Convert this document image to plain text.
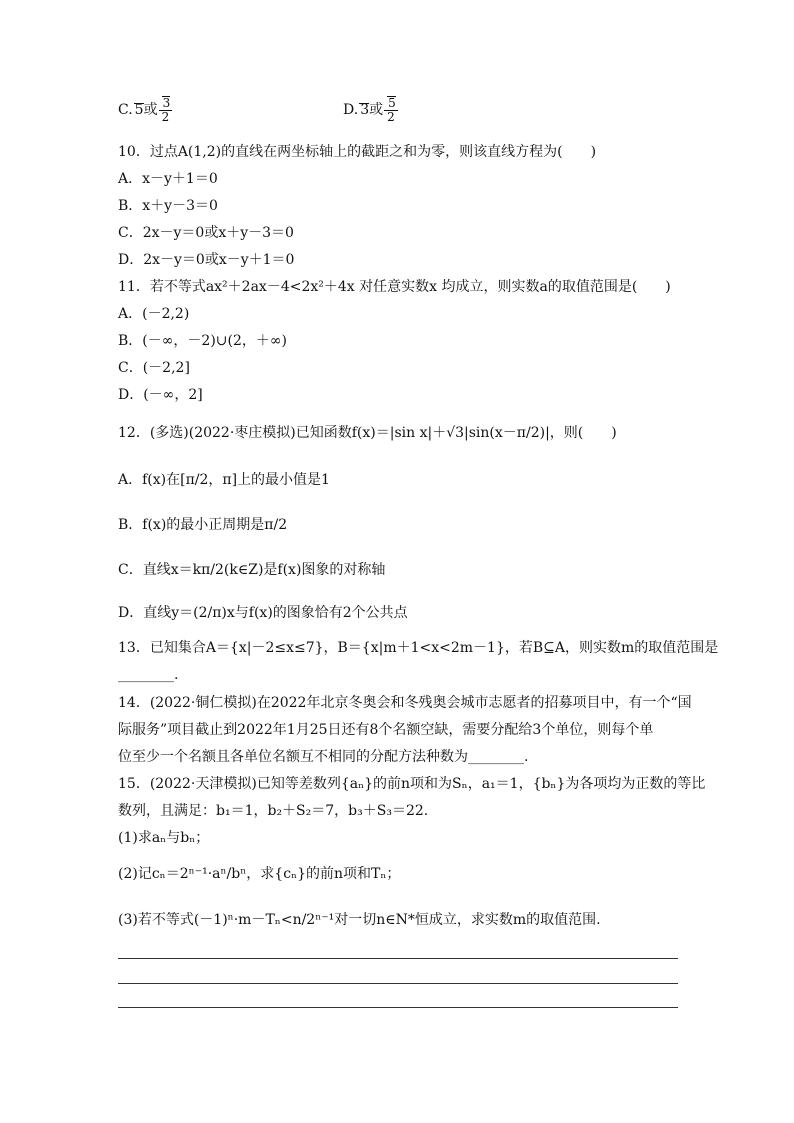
C. 5或 $\frac{3}{2}$	D. 3或 $\frac{5}{2}$
10．过点A(1,2)的直线在两坐标轴上的截距之和为零，则该直线方程为(　　)
A．x－y＋1＝0
B．x＋y－3＝0
C．2x－y＝0或x＋y－3＝0
D．2x－y＝0或x－y＋1＝0
11．若不等式ax²＋2ax－4<2x²＋4x 对任意实数x 均成立，则实数a的取值范围是(　　)
A．(－2,2)
B．(－∞，－2)∪(2，＋∞)
C．(－2,2]
D．(－∞，2]
12．(多选)(2022·枣庄模拟)已知函数f(x)＝|sin x|＋√3|sin(x－π/2)|，则(　　)
A．f(x)在[π/2，π]上的最小值是1
B．f(x)的最小正周期是π/2
C．直线x＝kπ/2(k∈Z)是f(x)图象的对称轴
D．直线y＝(2/π)x与f(x)的图象恰有2个公共点
13．已知集合A＝{x|－2≤x≤7}，B＝{x|m＋1<x<2m－1}，若B⊆A，则实数m的取值范围是
________.
14．(2022·铜仁模拟)在2022年北京冬奥会和冬残奥会城市志愿者的招募项目中，有一个“国
际服务”项目截止到2022年1月25日还有8个名额空缺，需要分配给3个单位，则每个单
位至少一个名额且各单位名额互不相同的分配方法种数为________.
15．(2022·天津模拟)已知等差数列{aₙ}的前n项和为Sₙ，a₁＝1，{bₙ}为各项均为正数的等比
数列，且满足：b₁＝1，b₂＋S₂＝7，b₃＋S₃＝22.
(1)求aₙ与bₙ；
(2)记cₙ＝2ⁿ⁻¹·aⁿ/bⁿ，求{cₙ}的前n项和Tₙ；
(3)若不等式(－1)ⁿ·m－Tₙ<n/2ⁿ⁻¹对一切n∈N*恒成立，求实数m的取值范围.
